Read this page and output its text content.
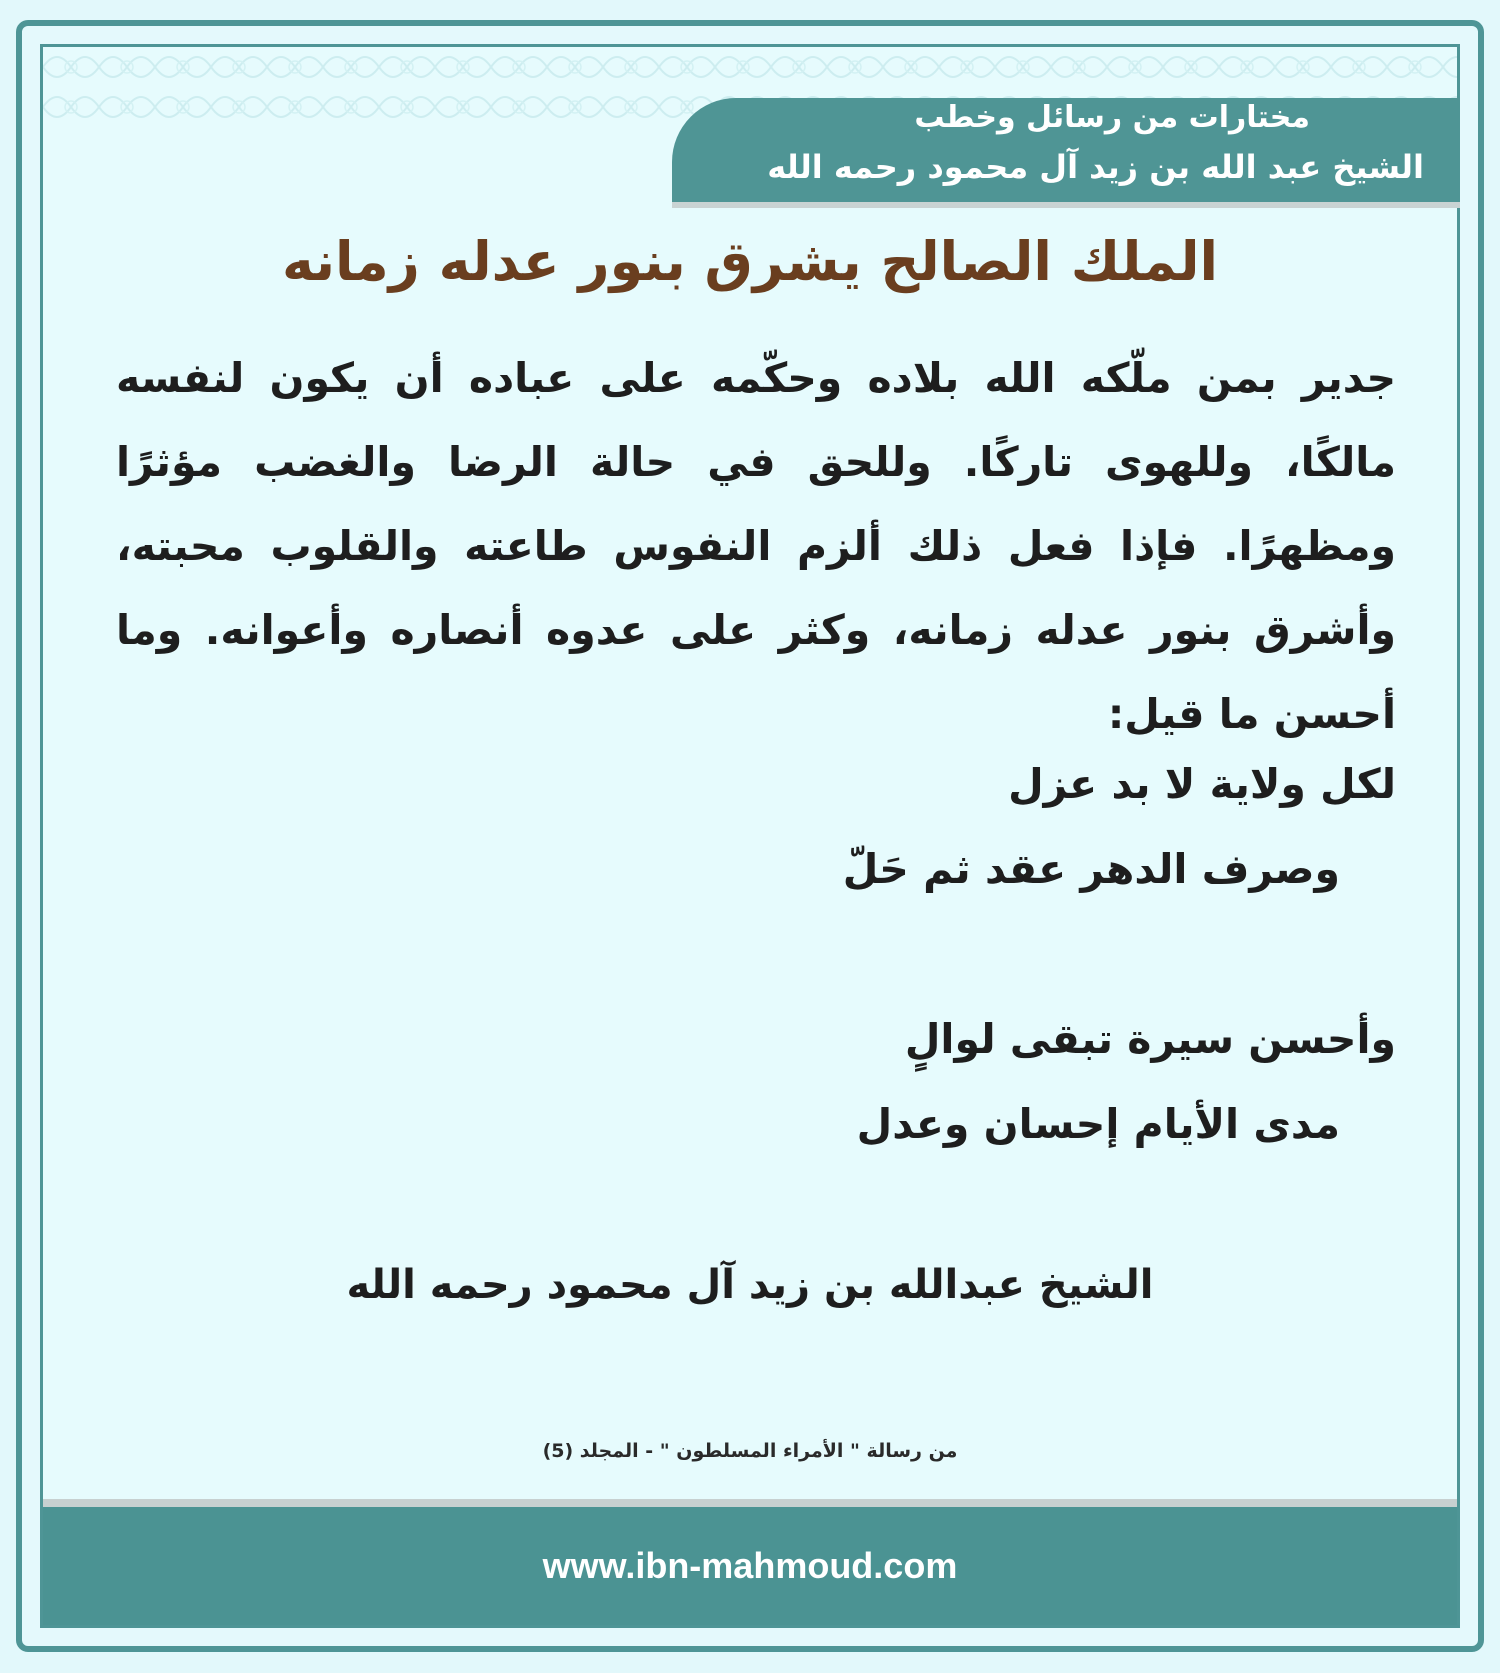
مختارات من رسائل وخطب
الشيخ عبد الله بن زيد آل محمود رحمه الله
الملك الصالح يشرق بنور عدله زمانه
جدير بمن ملّكه الله بلاده وحكّمه على عباده أن يكون لنفسه مالكًا، وللهوى تاركًا. وللحق في حالة الرضا والغضب مؤثرًا ومظهرًا. فإذا فعل ذلك ألزم النفوس طاعته والقلوب محبته، وأشرق بنور عدله زمانه، وكثر على عدوه أنصاره وأعوانه. وما أحسن ما قيل:
لكل ولاية لا بد عزل
وصرف الدهر عقد ثم حَلّ
وأحسن سيرة تبقى لوالٍ
مدى الأيام إحسان وعدل
الشيخ عبدالله بن زيد آل محمود رحمه الله
من رسالة " الأمراء المسلطون " - المجلد (5)
www.ibn-mahmoud.com
